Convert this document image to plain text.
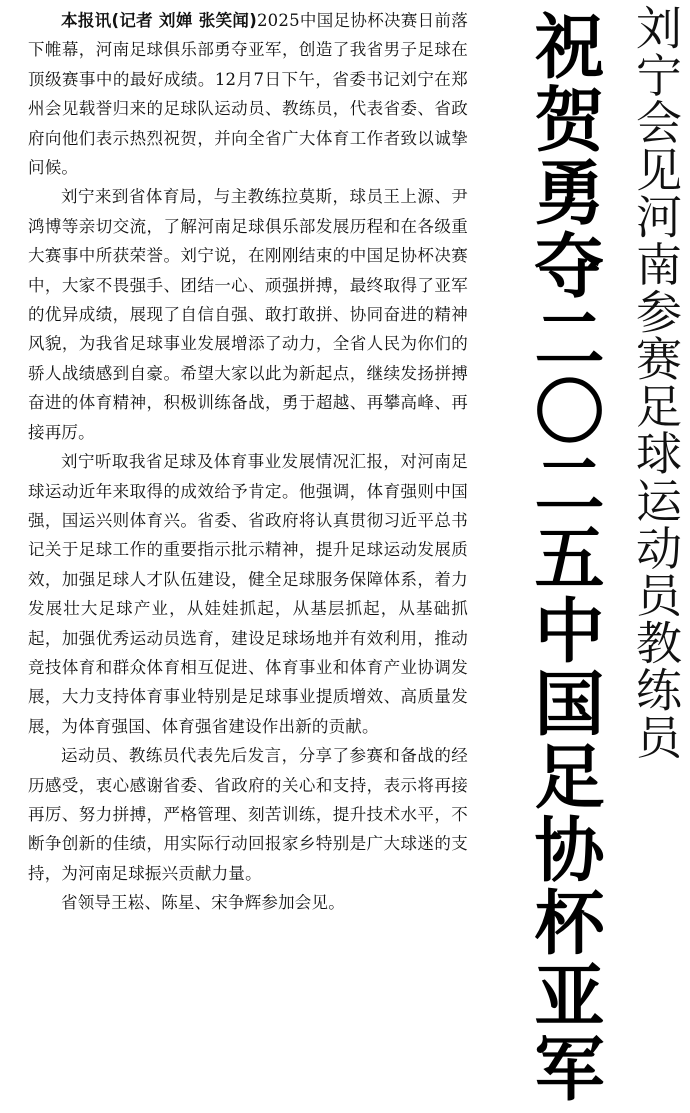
本报讯(记者 刘婵 张笑闻)2025中国足协杯决赛日前落下帷幕，河南足球俱乐部勇夺亚军，创造了我省男子足球在顶级赛事中的最好成绩。12月7日下午，省委书记刘宁在郑州会见载誉归来的足球队运动员、教练员，代表省委、省政府向他们表示热烈祝贺，并向全省广大体育工作者致以诚挚问候。

刘宁来到省体育局，与主教练拉莫斯，球员王上源、尹鸿博等亲切交流，了解河南足球俱乐部发展历程和在各级重大赛事中所获荣誉。刘宁说，在刚刚结束的中国足协杯决赛中，大家不畏强手、团结一心、顽强拼搏，最终取得了亚军的优异成绩，展现了自信自强、敢打敢拼、协同奋进的精神风貌，为我省足球事业发展增添了动力，全省人民为你们的骄人战绩感到自豪。希望大家以此为新起点，继续发扬拼搏奋进的体育精神，积极训练备战，勇于超越、再攀高峰、再接再厉。

刘宁听取我省足球及体育事业发展情况汇报，对河南足球运动近年来取得的成效给予肯定。他强调，体育强则中国强，国运兴则体育兴。省委、省政府将认真贯彻习近平总书记关于足球工作的重要指示批示精神，提升足球运动发展质效，加强足球人才队伍建设，健全足球服务保障体系，着力发展壮大足球产业，从娃娃抓起，从基层抓起，从基础抓起，加强优秀运动员选育，建设足球场地并有效利用，推动竞技体育和群众体育相互促进、体育事业和体育产业协调发展，大力支持体育事业特别是足球事业提质增效、高质量发展，为体育强国、体育强省建设作出新的贡献。

运动员、教练员代表先后发言，分享了参赛和备战的经历感受，衷心感谢省委、省政府的关心和支持，表示将再接再厉、努力拼搏，严格管理、刻苦训练，提升技术水平，不断争创新的佳绩，用实际行动回报家乡特别是广大球迷的支持，为河南足球振兴贡献力量。

省领导王崧、陈星、宋争辉参加会见。	祝贺勇夺二〇二五中国足协杯亚军 刘宁会见河南参赛足球运动员教练员
